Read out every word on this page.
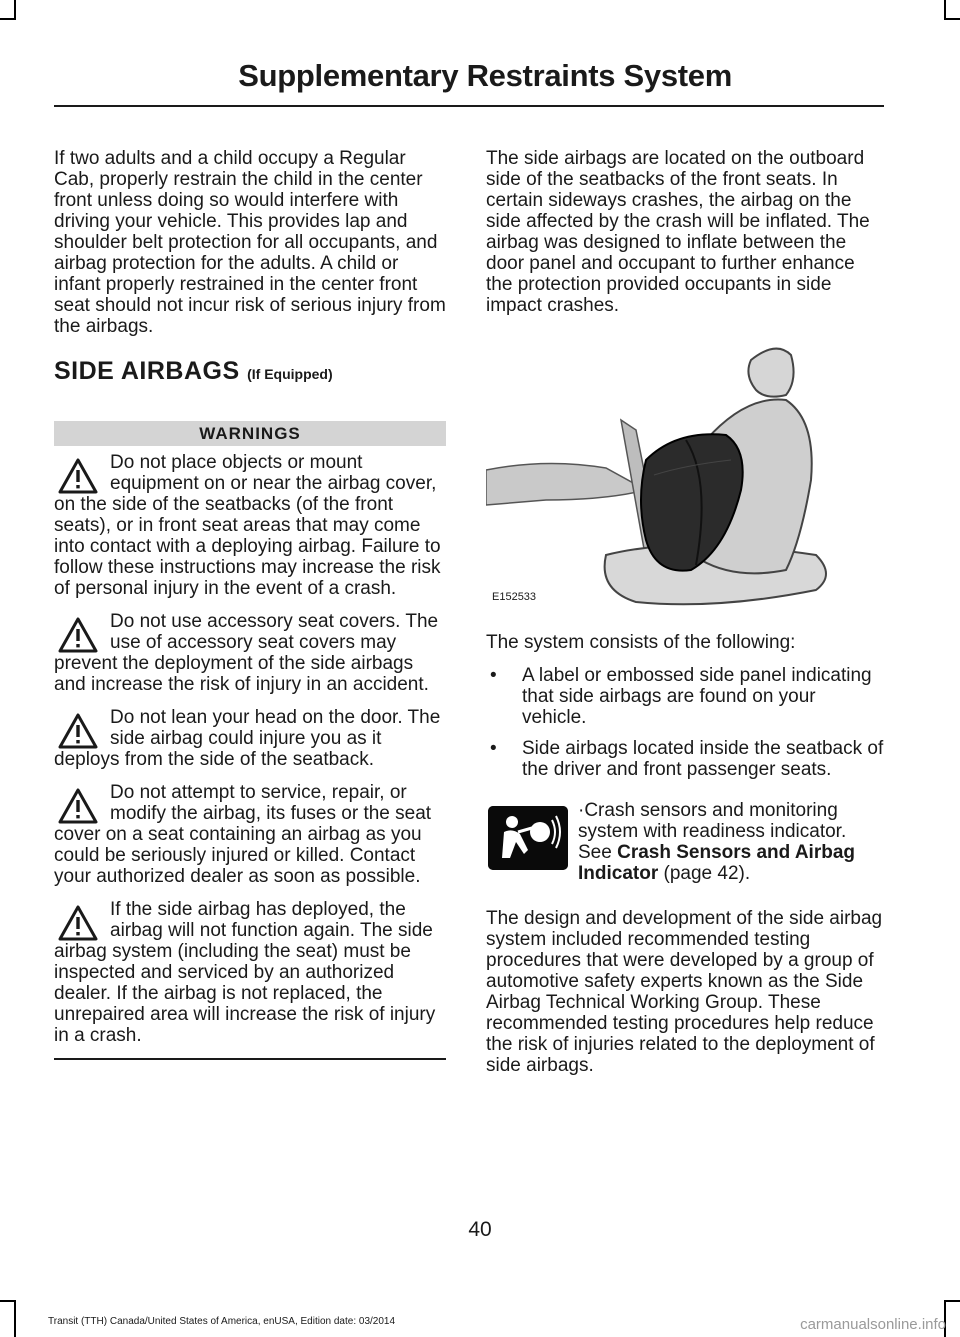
Supplementary Restraints System

If two adults and a child occupy a Regular Cab, properly restrain the child in the center front unless doing so would interfere with driving your vehicle. This provides lap and shoulder belt protection for all occupants, and airbag protection for the adults. A child or infant properly restrained in the center front seat should not incur risk of serious injury from the airbags.

SIDE AIRBAGS (If Equipped)
WARNINGS
Do not place objects or mount equipment on or near the airbag cover, on the side of the seatbacks (of the front seats), or in front seat areas that may come into contact with a deploying airbag. Failure to follow these instructions may increase the risk of personal injury in the event of a crash.
Do not use accessory seat covers. The use of accessory seat covers may prevent the deployment of the side airbags and increase the risk of injury in an accident.
Do not lean your head on the door. The side airbag could injure you as it deploys from the side of the seatback.
Do not attempt to service, repair, or modify the airbag, its fuses or the seat cover on a seat containing an airbag as you could be seriously injured or killed. Contact your authorized dealer as soon as possible.
If the side airbag has deployed, the airbag will not function again. The side airbag system (including the seat) must be inspected and serviced by an authorized dealer. If the airbag is not replaced, the unrepaired area will increase the risk of injury in a crash.

The side airbags are located on the outboard side of the seatbacks of the front seats. In certain sideways crashes, the airbag on the side affected by the crash will be inflated. The airbag was designed to inflate between the door panel and occupant to further enhance the protection provided occupants in side impact crashes.

E152533

The system consists of the following:

• A label or embossed side panel indicating that side airbags are found on your vehicle.
• Side airbags located inside the seatback of the driver and front passenger seats.
·Crash sensors and monitoring system with readiness indicator. See Crash Sensors and Airbag Indicator (page 42).

The design and development of the side airbag system included recommended testing procedures that were developed by a group of automotive safety experts known as the Side Airbag Technical Working Group. These recommended testing procedures help reduce the risk of injuries related to the deployment of side airbags.

40
Transit (TTH) Canada/United States of America, enUSA, Edition date: 03/2014	carmanualsonline.info
